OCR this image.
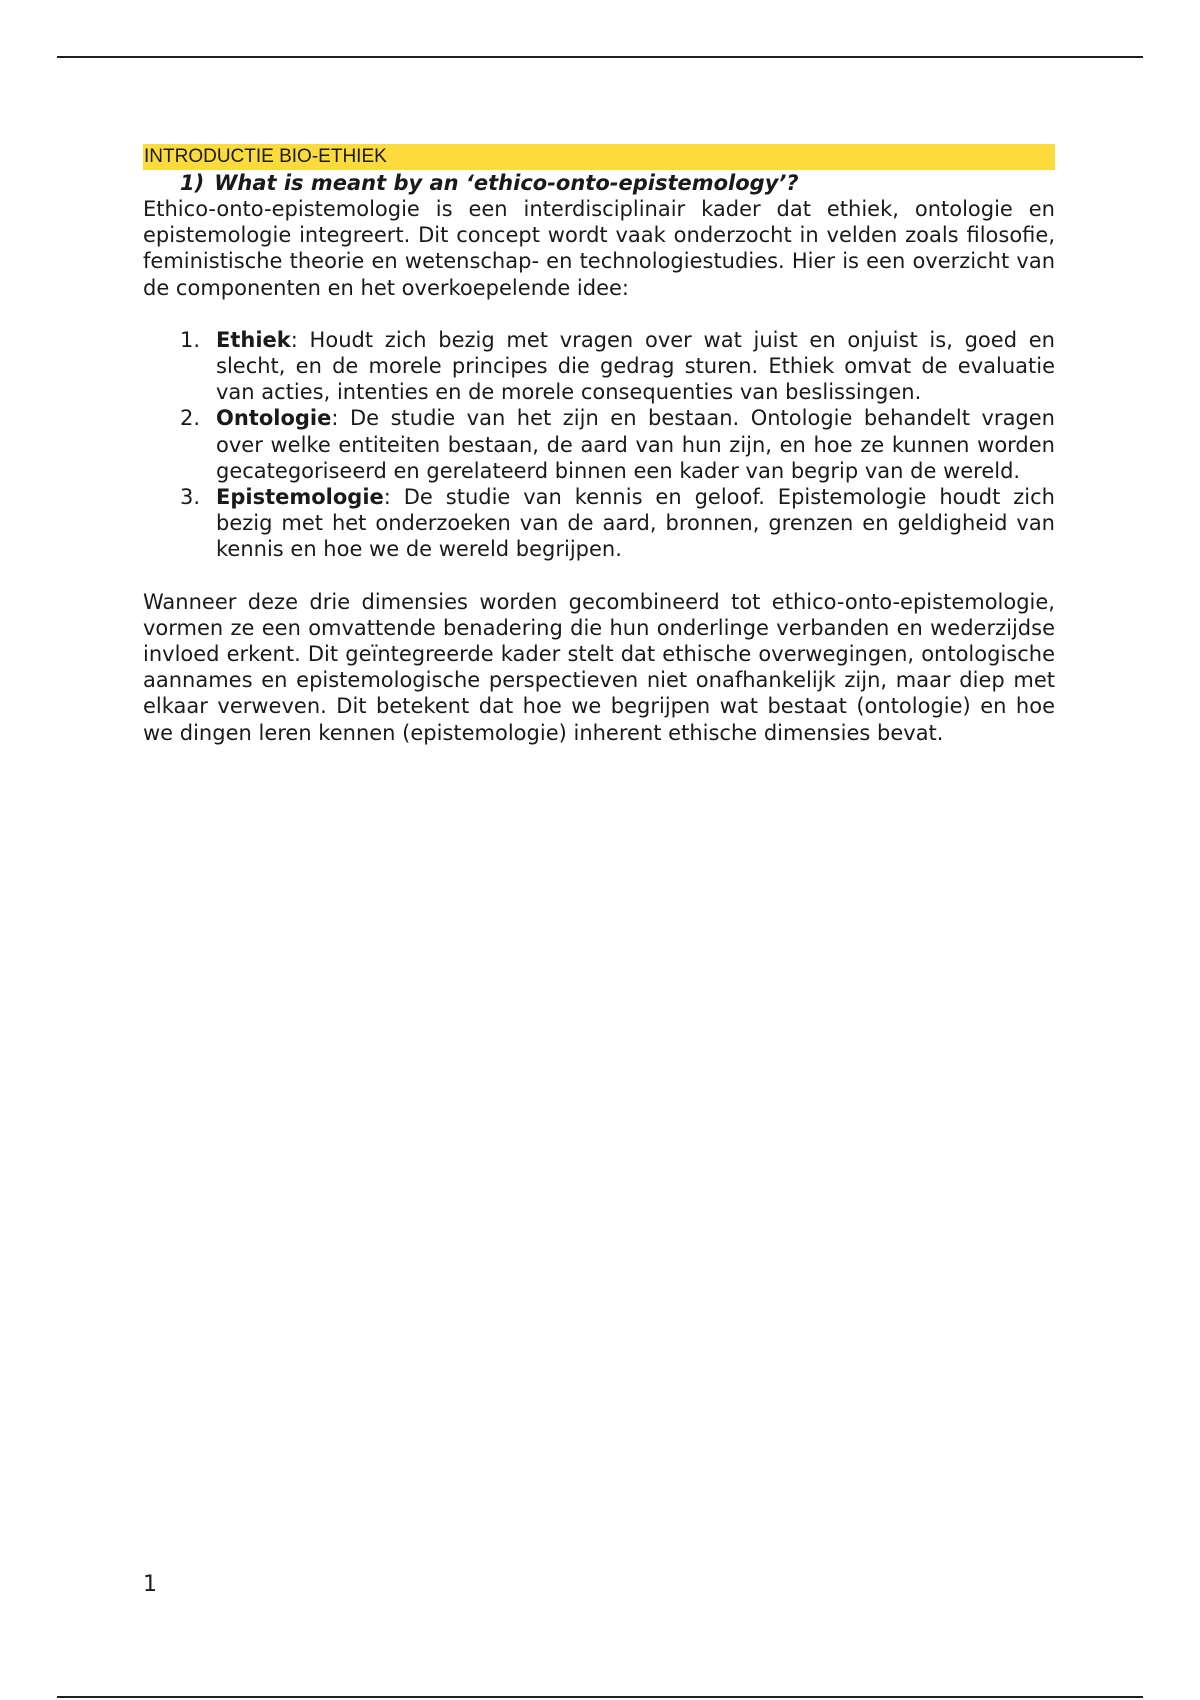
INTRODUCTIE BIO-ETHIEK
1) What is meant by an ‘ethico-onto-epistemology’?

Ethico-onto-epistemologie is een interdisciplinair kader dat ethiek, ontologie en epistemologie integreert. Dit concept wordt vaak onderzocht in velden zoals filosofie, feministische theorie en wetenschap- en technologiestudies. Hier is een overzicht van de componenten en het overkoepelende idee:

1. Ethiek: Houdt zich bezig met vragen over wat juist en onjuist is, goed en slecht, en de morele principes die gedrag sturen. Ethiek omvat de evaluatie van acties, intenties en de morele consequenties van beslissingen.
2. Ontologie: De studie van het zijn en bestaan. Ontologie behandelt vragen over welke entiteiten bestaan, de aard van hun zijn, en hoe ze kunnen worden gecategoriseerd en gerelateerd binnen een kader van begrip van de wereld.
3. Epistemologie: De studie van kennis en geloof. Epistemologie houdt zich bezig met het onderzoeken van de aard, bronnen, grenzen en geldigheid van kennis en hoe we de wereld begrijpen.

Wanneer deze drie dimensies worden gecombineerd tot ethico-onto-epistemologie, vormen ze een omvattende benadering die hun onderlinge verbanden en wederzijdse invloed erkent. Dit geïntegreerde kader stelt dat ethische overwegingen, ontologische aannames en epistemologische perspectieven niet onafhankelijk zijn, maar diep met elkaar verweven. Dit betekent dat hoe we begrijpen wat bestaat (ontologie) en hoe we dingen leren kennen (epistemologie) inherent ethische dimensies bevat.

1
